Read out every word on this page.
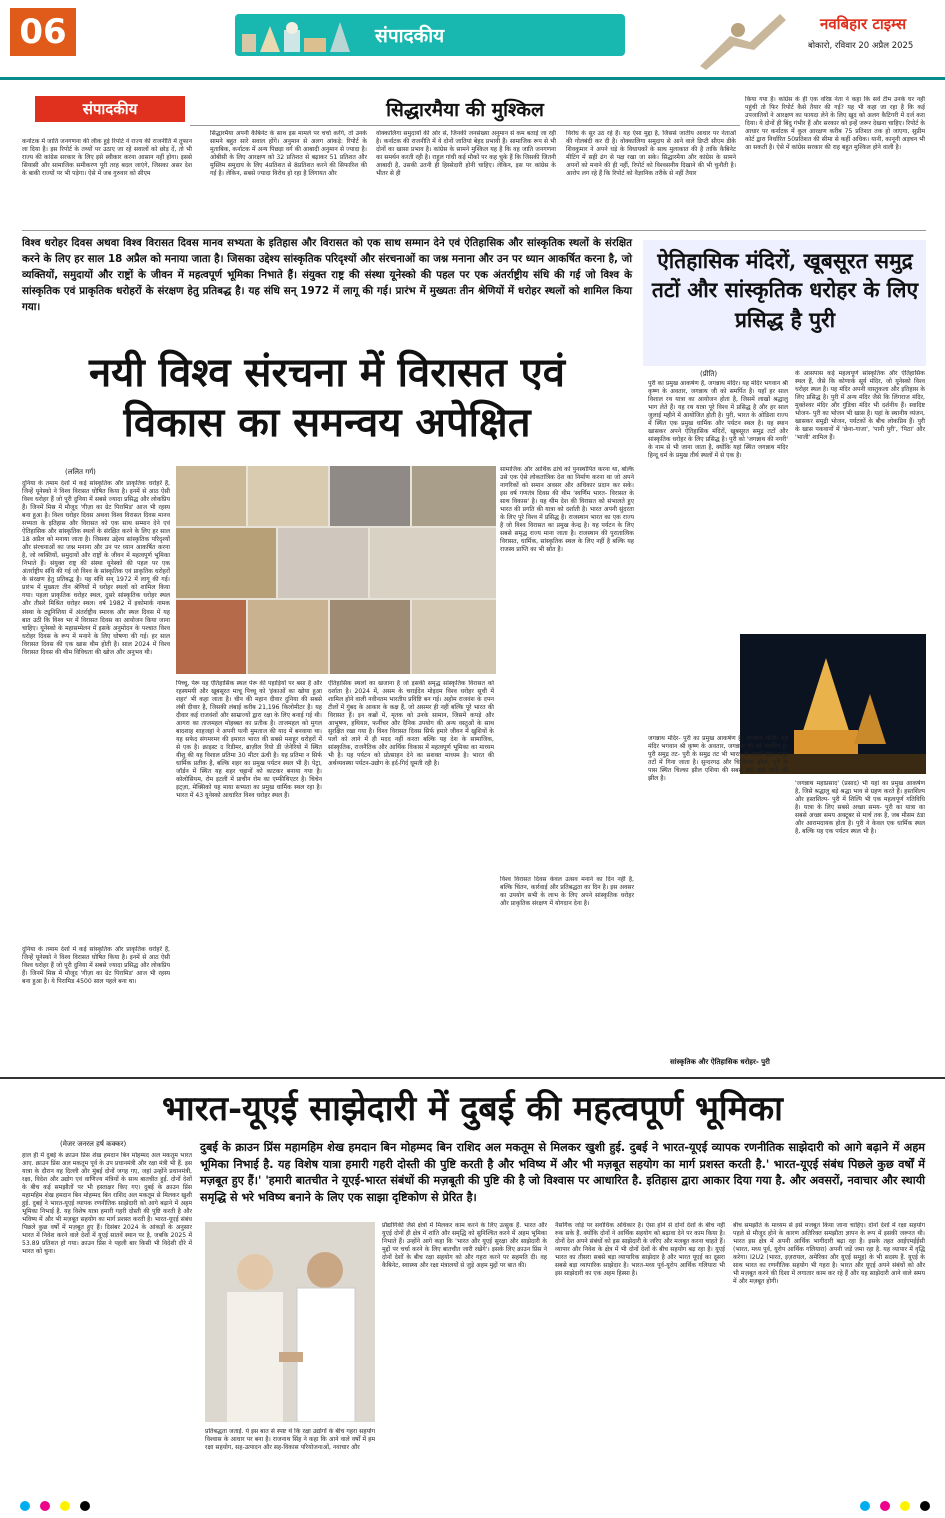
06	संपादकीय
नवबिहार टाइम्स
बोकारो, रविवार 20 अप्रैल 2025
संपादकीय	सिद्धारमैया की मुश्किल
कर्नाटक में जाति जनगणना की लीक हुई रिपोर्ट ने राज्य की राजनीति में तूफान ला दिया है। इस रिपोर्ट के तथ्यों पर उठाए जा रहे सवालों को छोड़ दें, तो भी राज्य की कांग्रेस सरकार के लिए इसे स्वीकार करना आसान नहीं होगा। इससे सियासी और सामाजिक समीकरण पूरी तरह बदल जाएंगे, जिसका असर देश के बाकी राज्यों पर भी पड़ेगा। ऐसे में जब गुरुवार को सीएम
सिद्धारमैया अपनी कैबिनेट के साथ इस मामले पर चर्चा करेंगे, तो उनके सामने बहुत सारे सवाल होंगे। अनुमान से अलग आंकड़े: रिपोर्ट के मुताबिक, कर्नाटक में अन्य पिछड़ा वर्ग की आबादी अनुमान से ज्यादा है। ओबीसी के लिए आरक्षण को 32 प्रतिशत से बढ़ाकर 51 प्रतिशत और मुस्लिम समुदाय के लिए 4प्रतिशत से 8प्रतिशत करने की सिफारिश की गई है। लेकिन, सबसे ज्यादा विरोध हो रहा है लिंगायत और
वोक्कालिगा समुदायों की ओर से, जिनकी जनसंख्या अनुमान से कम बताई जा रही है। कर्नाटक की राजनीति में ये दोनों जातियां बेहद प्रभावी हैं। सामाजिक रूप से भी दोनों का खासा प्रभाव है। कांग्रेस के सामने मुश्किल यह है कि वह जाति जनगणना का समर्थन करती रही है। राहुल गांधी कई मौकों पर कह चुके हैं कि जिसकी जितनी आबादी है, उसकी उतनी ही हिस्सेदारी होनी चाहिए। लेकिन, इस पर कांग्रेस के भीतर से ही
विरोध के सुर उठ रहे हैं। यह ऐसा मुद्दा है, जिससे जातीय आधार पर नेताओं की गोलबंदी कर दी है। वोक्कालिगा समुदाय से आने वाले डिप्टी सीएम डीके शिवकुमार ने अपने धड़े के विधायकों के साथ मुलाकात की है ताकि कैबिनेट मीटिंग में सही ढंग से पक्ष रखा जा सके। सिद्धारमैया और कांग्रेस के सामने अपनों को मनाने की ही नहीं, रिपोर्ट को विश्वसनीय दिखाने की भी चुनौती है। आरोप लग रहे हैं कि रिपोर्ट को वैज्ञानिक तरीके से नहीं तैयार
किया गया है। कांग्रेस के ही एक वरिष्ठ नेता ने कहा कि सर्वे टीम उनके घर नहीं पहुंची तो फिर रिपोर्ट कैसे तैयार की गई? यह भी कहा जा रहा है कि कई उपजातियों ने आरक्षण का फायदा लेने के लिए खुद को अलग कैटिगरी में दर्ज करा दिया। ये दोनों ही बिंदु गंभीर हैं और सरकार को इन्हें जरूर देखना चाहिए। रिपोर्ट के आधार पर कर्नाटक में कुल आरक्षण करीब 75 प्रतिशत तक हो जाएगा, सुप्रीम कोर्ट द्वारा निर्धारित 50प्रतिशत की सीमा से कहीं अधिक। यानी, कानूनी अड़चन भी आ सकती है। ऐसे में कांग्रेस सरकार की राह बहुत मुश्किल होने वाली है।
विश्व धरोहर दिवस अथवा विश्व विरासत दिवस मानव सभ्यता के इतिहास और विरासत को एक साथ सम्मान देने एवं ऐतिहासिक और सांस्कृतिक स्थलों के संरक्षित करने के लिए हर साल 18 अप्रैल को मनाया जाता है। जिसका उद्देश्य सांस्कृतिक परिदृश्यों और संरचनाओं का जश्न मनाना और उन पर ध्यान आकर्षित करना है, जो व्यक्तियों, समुदायों और राष्ट्रों के जीवन में महत्वपूर्ण भूमिका निभाते हैं। संयुक्त राष्ट्र की संस्था यूनेस्को की पहल पर एक अंतर्राष्ट्रीय संधि की गई जो विश्व के सांस्कृतिक एवं प्राकृतिक धरोहरों के संरक्षण हेतु प्रतिबद्ध है। यह संधि सन् 1972 में लागू की गई। प्रारंभ में मुख्यतः तीन श्रेणियों में धरोहर स्थलों को शामिल किया गया।
नयी विश्व संरचना में विरासत एवं
विकास का समन्वय अपेक्षित
(ललित गर्ग)
दुनिया के तमाम देशों में कई सांस्कृतिक और प्राकृतिक धरोहरें हैं, जिन्हें यूनेस्को ने विश्व विरासत घोषित किया है। इनमें से आठ ऐसी विश्व धरोहर हैं जो पूरी दुनिया में सबसे ज्यादा प्रसिद्ध और लोकप्रिय हैं। जिनमें मिस्र में मौजूद 'गीज़ा का ग्रेट पिरामिड' आज भी रहस्य बना हुआ है। विश्व धरोहर दिवस अथवा विश्व विरासत दिवस मानव सभ्यता के इतिहास और विरासत को एक साथ सम्मान देने एवं ऐतिहासिक और सांस्कृतिक स्थलों के संरक्षित करने के लिए हर साल 18 अप्रैल को मनाया जाता है। जिसका उद्देश्य सांस्कृतिक परिदृश्यों और संरचनाओं का जश्न मनाना और उन पर ध्यान आकर्षित करना है, जो व्यक्तियों, समुदायों और राष्ट्रों के जीवन में महत्वपूर्ण भूमिका निभाते हैं। संयुक्त राष्ट्र की संस्था यूनेस्को की पहल पर एक अंतर्राष्ट्रीय संधि की गई जो विश्व के सांस्कृतिक एवं प्राकृतिक धरोहरों के संरक्षण हेतु प्रतिबद्ध है। यह संधि सन् 1972 में लागू की गई। प्रारंभ में मुख्यतः तीन श्रेणियों में धरोहर स्थलों को शामिल किया गया। पहला प्राकृतिक धरोहर स्थल, दूसरे सांस्कृतिक धरोहर स्थल और तीसरे मिश्रित धरोहर स्थल। वर्ष 1982 में इकोमार्क नामक संस्था के ट्यूनिशिया में अंतर्राष्ट्रीय स्मारक और स्थल दिवस में यह बात उठी कि विश्व भर में विरासत दिवस का आयोजन किया जाना चाहिए। यूनेस्को के महासम्मेलन में इसके अनुमोदन के पश्चात विश्व धरोहर दिवस के रूप में मनाने के लिए घोषणा की गई। हर साल विरासत दिवस की एक खास थीम होती है। साल 2024 में विश्व विरासत दिवस की थीम विविधता की खोज और अनुभव थी।
दुनिया के तमाम देशों में कई सांस्कृतिक और प्राकृतिक धरोहरें हैं, जिन्हें यूनेस्को ने विश्व विरासत घोषित किया है। इनमें से आठ ऐसी विश्व धरोहर हैं जो पूरी दुनिया में सबसे ज्यादा प्रसिद्ध और लोकप्रिय हैं। जिनमें मिस्र में मौजूद 'गीज़ा का ग्रेट पिरामिड' आज भी रहस्य बना हुआ है। ये पिरामिड 4500 साल पहले बना था।
पिच्चू, पेरू यह ऐतिहासिक स्थल पेरू की पहाड़ियों पर बसा है और रहस्यमयी और खूबसूरत माचू पिच्चू को 'इंकाओं का खोया हुआ शहर' भी कहा जाता है। चीन की महान दीवार दुनिया की सबसे लंबी दीवार है, जिसकी लंबाई करीब 21,196 किलोमीटर है। यह दीवार कई राजवंशों और साम्राज्यों द्वारा रक्षा के लिए बनाई गई थी। आगरा का ताजमहल मोहब्बत का प्रतीक है। ताजमहल को मुगल बादशाह शाहजहां ने अपनी पत्नी मुमताज की याद में बनवाया था। यह सफेद संगमरमर की इमारत भारत की सबसे मशहूर धरोहरों में से एक है। क्राइस्ट द रिडीमर, ब्राज़ील रियो डी जेनेरियो में स्थित यीशु की यह विशाल प्रतिमा 30 मीटर ऊंची है। यह प्रतिमा न सिर्फ धार्मिक प्रतीक है, बल्कि शहर का प्रमुख पर्यटन स्थल भी है। पेट्रा, जॉर्डन में स्थित यह शहर चट्टानों को काटकर बनाया गया है। कोलोसियम, रोम इटली में प्राचीन रोम का एम्फीथिएटर है। चिचेन इट्ज़ा, मेक्सिको यह माया सभ्यता का प्रमुख धार्मिक स्थल रहा है। भारत में 43 यूनेस्को आधारित विश्व धरोहर स्थल हैं।
ऐतिहासिक स्थलों का खजाना है जो इसकी समृद्ध सांस्कृतिक विरासत को दर्शाता है। 2024 में, असम के चराईदेव मोइदम विश्व धरोहर सूची में शामिल होने वाली नवीनतम भारतीय प्रविष्टि बन गई। अहोम राजवंश के दफ्न टीलों में गुंबद के आकार के कक्ष हैं, जो असमर ही नहीं बल्कि पूरे भारत की विरासत हैं। इन कब्रों में, मृतक को उनके सामान, जिसमें कपड़े और आभूषण, हथियार, फर्नीचर और दैनिक उपयोग की अन्य वस्तुओं के साथ सुरक्षित रखा गया है। विश्व विरासत दिवस सिर्फ हमारे जीवन में खुशियों के पलों को लाने में ही मदद नहीं करता बल्कि यह देश के सामाजिक, सांस्कृतिक, राजनैतिक और आर्थिक विकास में महत्वपूर्ण भूमिका का माध्यम भी है। यह पर्यटन को प्रोत्साहन देने का सशक्त माध्यम है। भारत की अर्थव्यवस्था पर्यटन-उद्योग के इर्द-गिर्द घूमती रही है।
सामाजिक और आर्थिक ढांचे को पुनर्स्थापित करना था, बल्कि उसे एक ऐसे लोकतांत्रिक देश का निर्माण करना था जो अपने नागरिकों को समान अवसर और अधिकार प्रदान कर सके। इस वर्ष गणतंत्र दिवस की थीम 'स्वर्णिम भारत- विरासत के साथ विकास' है। यह थीम देश की विरासत को संभालते हुए भारत की प्रगति की यात्रा को दर्शाती है। भारत अपनी सुंदरता के लिए पूरे विश्व में प्रसिद्ध है। राजस्थान भारत का एक राज्य है जो विश्व विरासत का प्रमुख केन्द्र है। यह पर्यटन के लिए सबसे समृद्ध राज्य माना जाता है। राजस्थान की पुरातात्विक विरासत, धार्मिक, सांस्कृतिक स्थल के लिए नहीं है बल्कि यह राजस्व प्राप्ति का भी स्रोत है।
विश्व विरासत दिवस केवल उत्सव मनाने का दिन नहीं है, बल्कि चिंतन, कार्रवाई और प्रतिबद्धता का दिन है। इस अवसर का उपयोग सभी के लाभ के लिए अपने सांस्कृतिक धरोहर और प्राकृतिक संरक्षण में योगदान देना है।
ऐतिहासिक मंदिरों, खूबसूरत समुद्र तटों और सांस्कृतिक धरोहर के लिए प्रसिद्ध है पुरी
(प्रीति)
पुरी का प्रमुख आकर्षण है, जगन्नाथ मंदिर। यह मंदिर भगवान श्री कृष्ण के अवतार, जगन्नाथ जी को समर्पित है। यहाँ हर साल विशाल रथ यात्रा का आयोजन होता है, जिसमें लाखों श्रद्धालु भाग लेते हैं। यह रथ यात्रा पूरे विश्व में प्रसिद्ध है और हर साल जुलाई महीने में आयोजित होती है। पुरी, भारत के ओडिशा राज्य में स्थित एक प्रमुख धार्मिक और पर्यटन स्थल है। यह स्थान खासकर अपने ऐतिहासिक मंदिरों, खूबसूरत समुद्र तटों और सांस्कृतिक धरोहर के लिए प्रसिद्ध है। पुरी को 'जगन्नाथ की नगरी' के नाम से भी जाना जाता है, क्योंकि यहां स्थित जगन्नाथ मंदिर हिन्दू धर्म के प्रमुख तीर्थ स्थलों में से एक है।
के आसपास कई महत्वपूर्ण सांस्कृतिक और ऐतिहासिक स्थल हैं, जैसे कि कोणार्क सूर्य मंदिर, जो यूनेस्को विश्व धरोहर स्थल है। यह मंदिर अपनी वास्तुकला और इतिहास के लिए प्रसिद्ध है। पुरी में अन्य मंदिर जैसे कि लिंगराज मंदिर, मुक्तेश्वर मंदिर और गुंडिचा मंदिर भी दर्शनीय हैं। स्वादिष्ट भोजन- पुरी का भोजन भी खास है। यहां के स्थानीय व्यंजन, खासकर समुद्री भोजन, पर्यटकों के बीच लोकप्रिय हैं। पुरी के खास पकवानों में 'छेना-गाजा', 'पानी पुरी', 'पिठा' और 'भाजी' शामिल हैं।
जगन्नाथ मंदिर- पुरी का प्रमुख आकर्षण है, जगन्नाथ मंदिर। यह मंदिर भगवान श्री कृष्ण के अवतार, जगन्नाथ जी को समर्पित है। पुरी समुद्र तट- पुरी के समुद्र तट भी भारत के सबसे सुंदर समुद्र तटों में गिना जाता है। सुन्दरगढ़ और चिल्लिका झील- पुरी के पास स्थित चिल्का झील एशिया की सबसे बड़ी खारे पानी की झील है।
'जगन्नाथ महाप्रसाद' (प्रसाद) भी यहां का प्रमुख आकर्षण है, जिसे श्रद्धालु बड़े श्रद्धा भाव से ग्रहण करते हैं। हस्तशिल्प और हस्तशिल्प- पुरी में शिल्पि भी एक महत्वपूर्ण गतिविधि है। यात्रा के लिए सबसे अच्छा समय- पुरी का यात्रा का सबसे अच्छा समय अक्टूबर से मार्च तक है, जब मौसम ठंडा और आरामदायक होता है। पुरी ने केवल एक धार्मिक स्थल है, बल्कि यह एक पर्यटन स्थल भी है।
सांस्कृतिक और ऐतिहासिक धरोहर- पुरी
भारत-यूएई साझेदारी में दुबई की महत्वपूर्ण भूमिका
(मेजर जनरल हर्ष कक्कर)
हाल ही में दुबई के क्राउन प्रिंस शेख हमदान बिन मोहम्मद अल मकतूम भारत आए. क्राउन प्रिंस अल मकतूम पूर्व के उप प्रधानमंत्री और रक्षा मंत्री भी हैं. इस यात्रा के दौरान वह दिल्ली और मुंबई दोनों जगह गए, जहां उन्होंने प्रधानमंत्री, रक्षा, विदेश और उद्योग एवं वाणिज्य मंत्रियों के साथ बातचीत हुई. दोनों देशों के बीच कई समझौतों पर भी हस्ताक्षर किए गए। दुबई के क्राउन प्रिंस महामहिम शेख हमदान बिन मोहम्मद बिन राशिद अल मकतूम से मिलकर खुशी हुई. दुबई ने भारत-यूएई व्यापक रणनीतिक साझेदारी को आगे बढ़ाने में अहम भूमिका निभाई है. यह विशेष यात्रा हमारी गहरी दोस्ती की पुष्टि करती है और भविष्य में और भी मज़बूत सहयोग का मार्ग प्रशस्त करती है। भारत-यूएई संबंध पिछले कुछ वर्षों में मज़बूत हुए हैं। दिसंबर 2024 के आंकड़ों के अनुसार भारत में निवेश करने वाले देशों में यूएई सातवें स्थान पर है, जबकि 2025 में 53.89 प्रतिशत हो गया। क्राउन प्रिंस ने पहली बार किसी भी विदेशी दौरे में भारत को चुना।
दुबई के क्राउन प्रिंस महामहिम शेख हमदान बिन मोहम्मद बिन राशिद अल मकतूम से मिलकर खुशी हुई. दुबई ने भारत-यूएई व्यापक रणनीतिक साझेदारी को आगे बढ़ाने में अहम भूमिका निभाई है. यह विशेष यात्रा हमारी गहरी दोस्ती की पुष्टि करती है और भविष्य में और भी मज़बूत सहयोग का मार्ग प्रशस्त करती है.' भारत-यूएई संबंध पिछले कुछ वर्षों में मज़बूत हुए हैं।' 'हमारी बातचीत ने यूएई-भारत संबंधों की मज़बूती की पुष्टि की है जो विश्वास पर आधारित है. इतिहास द्वारा आकार दिया गया है. और अवसरों, नवाचार और स्थायी समृद्धि से भरे भविष्य बनाने के लिए एक साझा दृष्टिकोण से प्रेरित है।
प्रतिबद्धता जताई. ये इस बात से स्पष्ट थे कि रक्षा उद्योगों के बीच गहरा सहयोग विश्वास के आधार पर बना है। राजनाथ सिंह ने कहा कि आने वाले वर्षों में हम रक्षा सहयोग, सह-उत्पादन और सह-विकास परियोजनाओं, नवाचार और
प्रौद्योगिकी जैसे क्षेत्रों में मिलकर काम करने के लिए उत्सुक हैं. भारत और यूएई दोनों ही क्षेत्र में शांति और समृद्धि को सुनिश्चित करने में अहम भूमिका निभाते हैं। उन्होंने आगे कहा कि 'भारत और यूएई सुरक्षा और साझेदारी के मुद्दों पर चर्चा करने के लिए बातचीत जारी रखेंगे'। इसके लिए क्राउन प्रिंस ने दोनों देशों के बीच रक्षा सहयोग को और गहरा करने पर सहमति दी। वह कैबिनेट, स्वास्थ्य और रक्षा मंत्रालयों से जुड़े अहम मुद्दों पर बात की।
नैसर्गिक जोड़े पर सर्वाधिक अधिकार है। ऐसा होने से दोनों देशों के बीच नहीं रुक सके हैं. क्योंकि दोनों ने आर्थिक सहयोग को बढ़ावा देने पर काम किया है। दोनों देश अपने संबंधों को इस साझेदारी के जरिए और मजबूत करना चाहते हैं। व्यापार और निवेश के क्षेत्र में भी दोनों देशों के बीच सहयोग बढ़ रहा है। यूएई भारत का तीसरा सबसे बड़ा व्यापारिक साझेदार है और भारत यूएई का दूसरा सबसे बड़ा व्यापारिक साझेदार है। भारत-मध्य पूर्व-यूरोप आर्थिक गलियारा भी इस साझेदारी का एक अहम हिस्सा है।
बीच समझौते के माध्यम से इसे मजबूत किया जाना चाहिए। दोनों देशों में रक्षा सहयोग पहले से मौजूद होने के कारण अतिरिक्त समझौता ज्ञापन के रूप में इसकी जरूरत थी। भारत इस क्षेत्र में अपनी आर्थिक भागीदारी बढ़ा रहा है। इसके तहत आईएमईईसी (भारत, मध्य पूर्व, यूरोप आर्थिक गलियारा) अपनी जड़ें जमा रहा है. यह व्यापार में वृद्धि करेगा। I2U2 (भारत, इज़रायल, अमेरिका और यूएई समूह) के भी सदस्य हैं. यूएई के साथ भारत का रणनीतिक सहयोग भी गहरा है। भारत और यूएई अपने संबंधों को और भी मज़बूत करने की दिशा में लगातार काम कर रहे हैं और यह साझेदारी आने वाले समय में और मज़बूत होगी।
